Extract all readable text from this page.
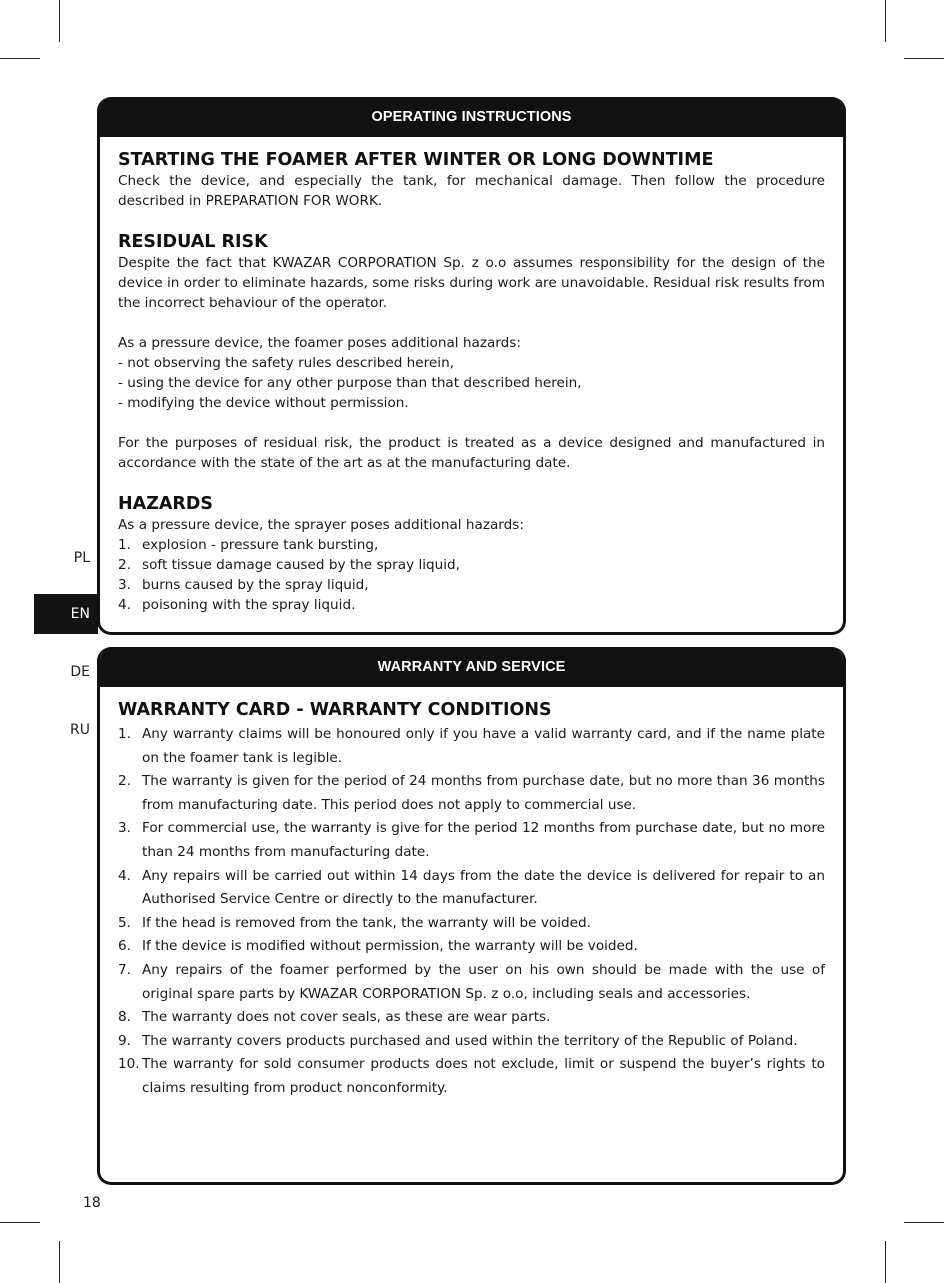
PL
EN
DE
RU
OPERATING INSTRUCTIONS
STARTING THE FOAMER AFTER WINTER OR LONG DOWNTIME

Check the device, and especially the tank, for mechanical damage. Then follow the procedure described in PREPARATION FOR WORK.

RESIDUAL RISK

Despite the fact that KWAZAR CORPORATION Sp. z o.o assumes responsibility for the design of the device in order to eliminate hazards, some risks during work are unavoidable. Residual risk results from the incorrect behaviour of the operator.

As a pressure device, the foamer poses additional hazards:

- not observing the safety rules described herein,

- using the device for any other purpose than that described herein,

- modifying the device without permission.

For the purposes of residual risk, the product is treated as a device designed and manufactured in accordance with the state of the art as at the manufacturing date.

HAZARDS

As a pressure device, the sprayer poses additional hazards:

1. explosion - pressure tank bursting,
2. soft tissue damage caused by the spray liquid,
3. burns caused by the spray liquid,
4. poisoning with the spray liquid.
WARRANTY AND SERVICE
WARRANTY CARD - WARRANTY CONDITIONS
1. Any warranty claims will be honoured only if you have a valid warranty card, and if the name plate on the foamer tank is legible.
2. The warranty is given for the period of 24 months from purchase date, but no more than 36 months from manufacturing date. This period does not apply to commercial use.
3. For commercial use, the warranty is give for the period 12 months from purchase date, but no more than 24 months from manufacturing date.
4. Any repairs will be carried out within 14 days from the date the device is delivered for repair to an Authorised Service Centre or directly to the manufacturer.
5. If the head is removed from the tank, the warranty will be voided.
6. If the device is modified without permission, the warranty will be voided.
7. Any repairs of the foamer performed by the user on his own should be made with the use of original spare parts by KWAZAR CORPORATION Sp. z o.o, including seals and accessories.
8. The warranty does not cover seals, as these are wear parts.
9. The warranty covers products purchased and used within the territory of the Republic of Poland.
10. The warranty for sold consumer products does not exclude, limit or suspend the buyer’s rights to claims resulting from product nonconformity.
18
